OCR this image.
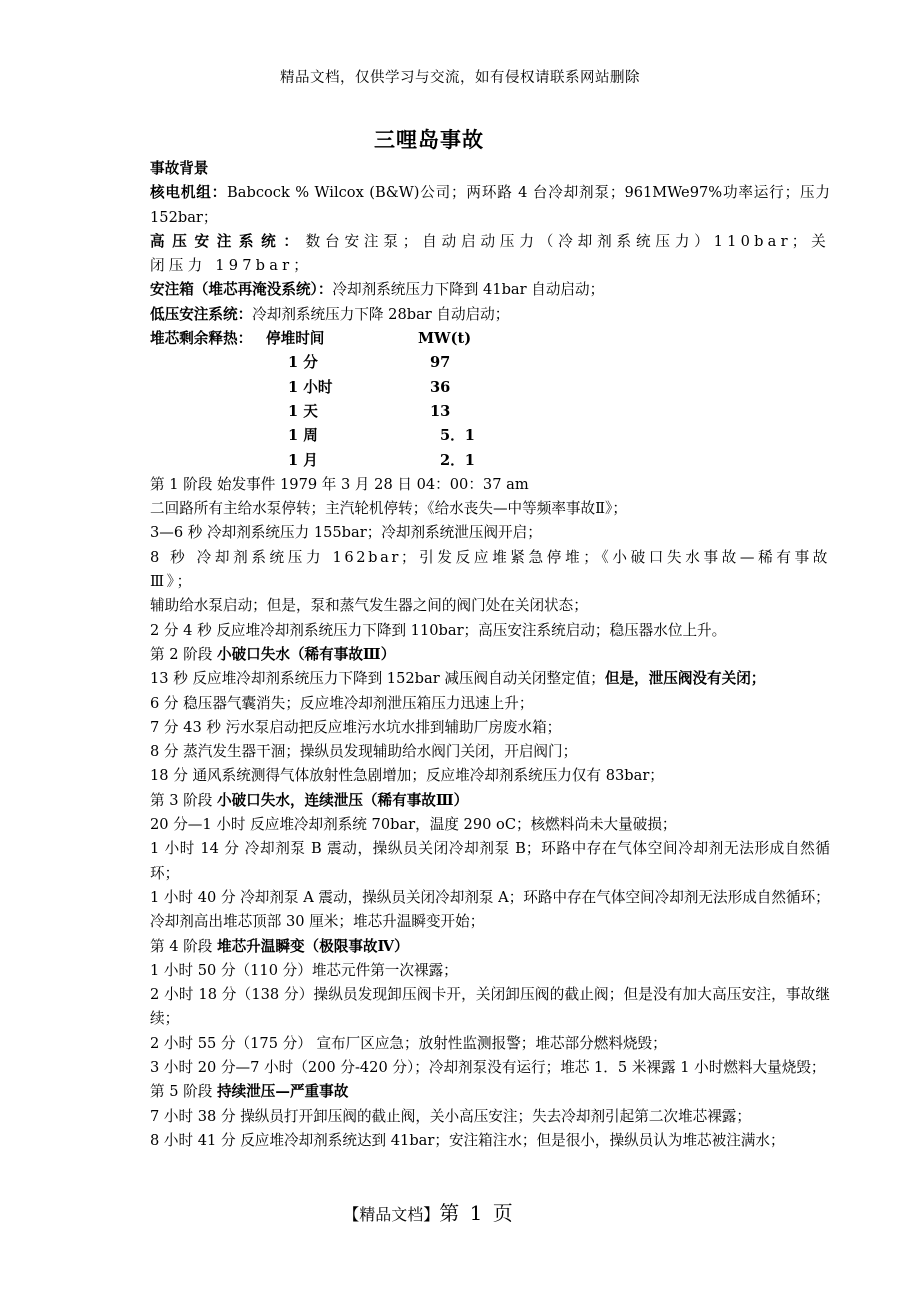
精品文档，仅供学习与交流，如有侵权请联系网站删除
三哩岛事故

事故背景

核电机组：Babcock % Wilcox (B&W)公司；两环路 4 台冷却剂泵；961MWe97%功率运行；压力 152bar；

高压安注系统：数台安注泵；自动启动压力（冷却剂系统压力）110bar；关闭压力 197bar；

安注箱（堆芯再淹没系统）：冷却剂系统压力下降到 41bar 自动启动；

低压安注系统：冷却剂系统压力下降 28bar 自动启动；

堆芯剩余释热： 停堆时间	MW(t)
1 分	97
1 小时	36
1 天	13
1 周	5．1
1 月	2．1

第 1 阶段 始发事件 1979 年 3 月 28 日 04：00：37 am

二回路所有主给水泵停转；主汽轮机停转；《给水丧失—中等频率事故Ⅱ》；

3—6 秒 冷却剂系统压力 155bar；冷却剂系统泄压阀开启；

8 秒 冷却剂系统压力 162bar；引发反应堆紧急停堆；《小破口失水事故—稀有事故Ⅲ》；

辅助给水泵启动；但是，泵和蒸气发生器之间的阀门处在关闭状态；

2 分 4 秒 反应堆冷却剂系统压力下降到 110bar；高压安注系统启动；稳压器水位上升。

第 2 阶段 小破口失水（稀有事故Ⅲ）

13 秒 反应堆冷却剂系统压力下降到 152bar 减压阀自动关闭整定值；但是，泄压阀没有关闭；

6 分 稳压器气囊消失；反应堆冷却剂泄压箱压力迅速上升；

7 分 43 秒 污水泵启动把反应堆污水坑水排到辅助厂房废水箱；

8 分 蒸汽发生器干涸；操纵员发现辅助给水阀门关闭，开启阀门；

18 分 通风系统测得气体放射性急剧增加；反应堆冷却剂系统压力仅有 83bar；

第 3 阶段 小破口失水，连续泄压（稀有事故Ⅲ）

20 分—1 小时 反应堆冷却剂系统 70bar，温度 290 oC；核燃料尚未大量破损；

1 小时 14 分 冷却剂泵 B 震动，操纵员关闭冷却剂泵 B；环路中存在气体空间冷却剂无法形成自然循环；

1 小时 40 分 冷却剂泵 A 震动，操纵员关闭冷却剂泵 A；环路中存在气体空间冷却剂无法形成自然循环；

冷却剂高出堆芯顶部 30 厘米；堆芯升温瞬变开始；

第 4 阶段 堆芯升温瞬变（极限事故Ⅳ）

1 小时 50 分（110 分）堆芯元件第一次裸露；

2 小时 18 分（138 分）操纵员发现卸压阀卡开，关闭卸压阀的截止阀；但是没有加大高压安注，事故继续；

2 小时 55 分（175 分） 宣布厂区应急；放射性监测报警；堆芯部分燃料烧毁；

3 小时 20 分—7 小时（200 分-420 分）；冷却剂泵没有运行；堆芯 1．5 米裸露 1 小时燃料大量烧毁；

第 5 阶段 持续泄压—严重事故

7 小时 38 分 操纵员打开卸压阀的截止阀，关小高压安注；失去冷却剂引起第二次堆芯裸露；

8 小时 41 分 反应堆冷却剂系统达到 41bar；安注箱注水；但是很小，操纵员认为堆芯被注满水；

【精品文档】第 1 页
